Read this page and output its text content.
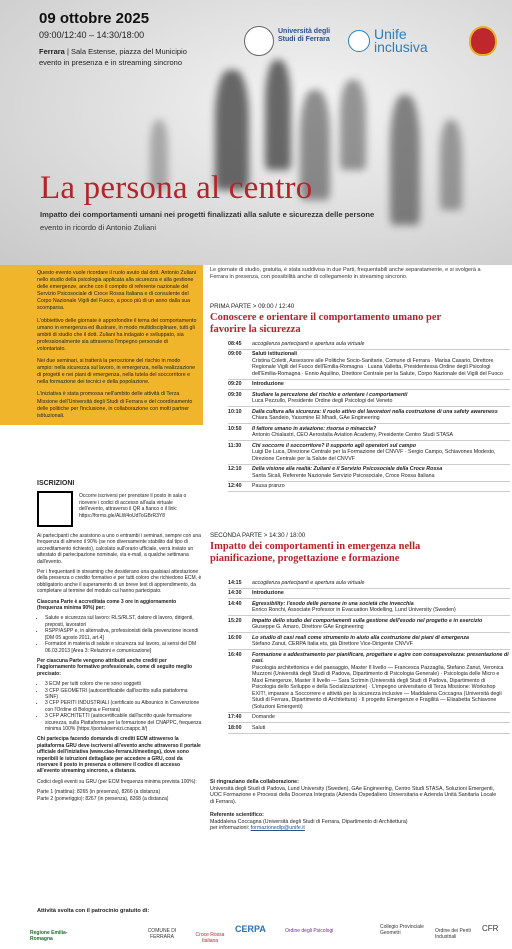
09 ottobre 2025
09:00/12:40 – 14:30/18:00
Ferrara | Sala Estense, piazza del Municipio
evento in presenza e in streaming sincrono
Università degli Studi di Ferrara	Unife
inclusiva
La persona al centro
Impatto dei comportamenti umani nei progetti finalizzati alla salute e sicurezza delle persone
evento in ricordo di Antonio Zuliani

Questo evento vuole ricordare il ruolo avuto dal dott. Antonio Zuliani nello studio della psicologia applicata alla sicurezza e alla gestione delle emergenze, anche con il compito di referente nazionale del Servizio Psicosociale di Croce Rossa Italiana e di consulente del Corpo Nazionale Vigili del Fuoco, a poco più di un anno dalla sua scomparsa.

L'obbiettivo delle giornate è approfondire il tema del comportamento umano in emergenza ed illustrare, in modo multidisciplinare, tutti gli ambiti di studio che il dott. Zuliani ha indagato e sviluppato, sia professionalmente sia attraverso l'impegno personale di volontariato.

Nei due seminari, si tratterà la percezione del rischio in modo ampio: nella sicurezza sul lavoro, in emergenza, nella realizzazione di progetti e nei piani di emergenza, nella tutela del soccorritore e nella formazione dei tecnici e della popolazione.

L'iniziativa è stata promossa nell'ambito delle attività di Terza Missione dell'Università degli Studi di Ferrara e del coordinamento delle politiche per l'inclusione, in collaborazione con molti partner istituzionali.

ISCRIZIONI
Occorre iscriversi per prenotare il posto in sala o ricevere i codici di accesso all'aula virtuale dell'evento, attraverso il QR a fianco o il link: https://forms.gle/ALW4oUdToGBrR3Y8

Ai partecipanti che assistono a uno o entrambi i seminari, sempre con una frequenza di almeno il 90% (se non diversamente stabilito dal tipo di accreditamento richiesto), calcolato sull'orario ufficiale, verrà inviato un attestato di partecipazione nominale, via e-mail, a qualche settimana dall'evento.

Per i frequentanti in streaming che desiderano una qualsiasi attestazione della presenza o credito formativo e per tutti coloro che richiedono ECM, è obbligatorio anche il superamento di un breve test di apprendimento, da completare al termine del modulo cui hanno partecipato.

Ciascuna Parte è accreditata come 3 ore in aggiornamento (frequenza minima 90%) per:

• Salute e sicurezza sul lavoro: RLS/RLST, datore di lavoro, dirigenti, preposti, lavoratori
• RSPP/ASPP e, in alternativa, professionisti della prevenzione incendi [DM 05 agosto 2011, art.4]
• Formatori in materia di salute e sicurezza sul lavoro, ai sensi del DM 06.03.2013 [Area 3: Relazioni e comunicazione]

Per ciascuna Parte vengono attribuiti anche crediti per l'aggiornamento formativo professionale, come di seguito meglio precisato:

• 3 ECM per tutti coloro che ne sono soggetti
• 3 CFP GEOMETRI (autocertificabile dall'iscritto sulla piattaforma SINF)
• 3 CFP PERITI INDUSTRIALI (certificato su Albounico in Convenzione con l'Ordine di Bologna e Ferrara)
• 3 CFP ARCHITETTI (autocertificabile dall'iscritto quale formazione sicurezza, sulla Piattaforma per la formazione del CNAPPC, frequenza minima 100% (https://portaleservizi.cnappc.it/)

Chi partecipa facendo domanda di crediti ECM attraverso la piattaforma GRU deve iscriversi all'evento anche attraverso il portale ufficiale dell'iniziativa (www.ciao-ferrara.it/meetings), dove sono reperibili le istruzioni dettagliate per accedere a GRU, così da riservare il posto in presenza o ottenere il codice di accesso all'evento streaming sincrono, a distanza.

Codici degli eventi su GRU (per ECM frequenza minima prevista 100%):

Parte 1 (mattina): 8265 (in presenza), 8266 (a distanza)

Parte 2 (pomeriggio): 8267 (in presenza), 8268 (a distanza)

Le giornate di studio, gratuita, è stata suddivisa in due Parti, frequentabili anche separatamente, e si svolgerà a Ferrara in presenza, con possibilità anche di collegamento in streaming sincrono.
PRIMA PARTE > 09:00 / 12:40
Conoscere e orientare il comportamento umano per favorire la sicurezza
08:45	accoglienza partecipanti e apertura aula virtuale
09:00	Saluti istituzionali
Cristina Coletti, Assessore alle Politiche Socio-Sanitarie, Comune di Ferrara · Marisa Casario, Direttore Regionale Vigili del Fuoco dell'Emilia-Romagna · Luana Valletta, Presidentessa Ordine degli Psicologi dell'Emilia-Romagna · Ennio Aquilino, Direttore Centrale per la Salute, Corpo Nazionale dei Vigili del Fuoco
09:20	Introduzione
09:30	Studiare la percezione del rischio e orientare i comportamenti
Luca Pezzullo, Presidente Ordine degli Psicologi del Veneto
10:10	Dalla cultura alla sicurezza: il ruolo attivo dei lavoratori nella costruzione di una safety awareness
Chiara Sandeio, Yassmine El Mhadi, GAe Engineering
10:50	Il fattore umano in aviazione: risorsa o minaccia?
Antonio Chialastri, CEO Aerostalia Aviation Academy, Presidente Centro Studi STASA
11:30	Chi soccorre il soccorritore? Il supporto agli operatori sul campo
Luigi De Luca, Direzione Centrale per la Formazione del CNVVF · Sergio Campo, Schiavones Modesto, Direzione Centrale per la Salute del CNVVF
12:10	Della visione alla realtà: Zuliani e il Servizio Psicosociale della Croce Rossa
Santa Sicali, Referente Nazionale Servizio Psicosociale, Croce Rossa Italiana
12:40	Pausa pranzo
SECONDA PARTE > 14:30 / 18:00
Impatto dei comportamenti in emergenza nella pianificazione, progettazione e formazione
14:15	accoglienza partecipanti e apertura aula virtuale
14:30	Introduzione
14:40	Egressibility: l'esodo delle persone in una società che invecchia
Enrico Ronchi, Associate Professor in Evacuation Modelling, Lund University (Sweden)
15:20	Impatto dello studio dei comportamenti sulla gestione dell'esodo nel progetto e in esercizio
Giuseppe G. Amaro, Direttore GAe Engineering
16:00	Lo studio di casi reali come strumento in aiuto alla costruzione dei piani di emergenza
Stefano Zanut, CERPA Italia ets, già Direttore Vice-Dirigente CNVVF
16:40	Formazione e addestramento per pianificare, progettare e agire con consapevolezza: presentazione di casi.
Psicologia architettonica e del paesaggio, Master II livello — Francesca Pazzaglia, Stefano Zanut, Veronica Muzzoni (Università degli Studi di Padova, Dipartimento di Psicologia Generale) · Psicologia delle Micro e Maxi Emergenze, Master II livello — Sara Scrimin (Università degli Studi di Padova, Dipartimento di Psicologia dello Sviluppo e della Socializzazione) · L'impegno universitario di Terza Missione: Workshop EXIT!, imparare a Soccorrere e attività per la sicurezza inclusive — Maddalena Coccagna (Università degli Studi di Ferrara, Dipartimento di Architettura) · Il progetto Emergenze e Fragilità — Elisabetta Schiavone (Soluzioni Emergenti)
17:40	Domande
18:00	Saluti
Si ringraziano della collaborazione:
Università degli Studi di Padova, Lund University (Sweden), GAe Engineering, Centro Studi STASA, Soluzioni Emergenti, UOC Formazione e Processi della Docenza Integrata (Azienda Ospedaliero Universitaria e Azienda Unità Sanitaria Locale di Ferrara).

Referente scientifico:
Maddalena Coccagna (Università degli Studi di Ferrara, Dipartimento di Architettura)
per informazioni: formazionedlp@unife.it
Attività svolta con il patrocinio gratuito di:
Regione Emilia-Romagna
COMUNE DI FERRARA	Croce Rossa Italiana
CERPA	Ordine degli Psicologi
Collegio Provinciale Geometri	Ordine dei Periti Industriali
CFR
